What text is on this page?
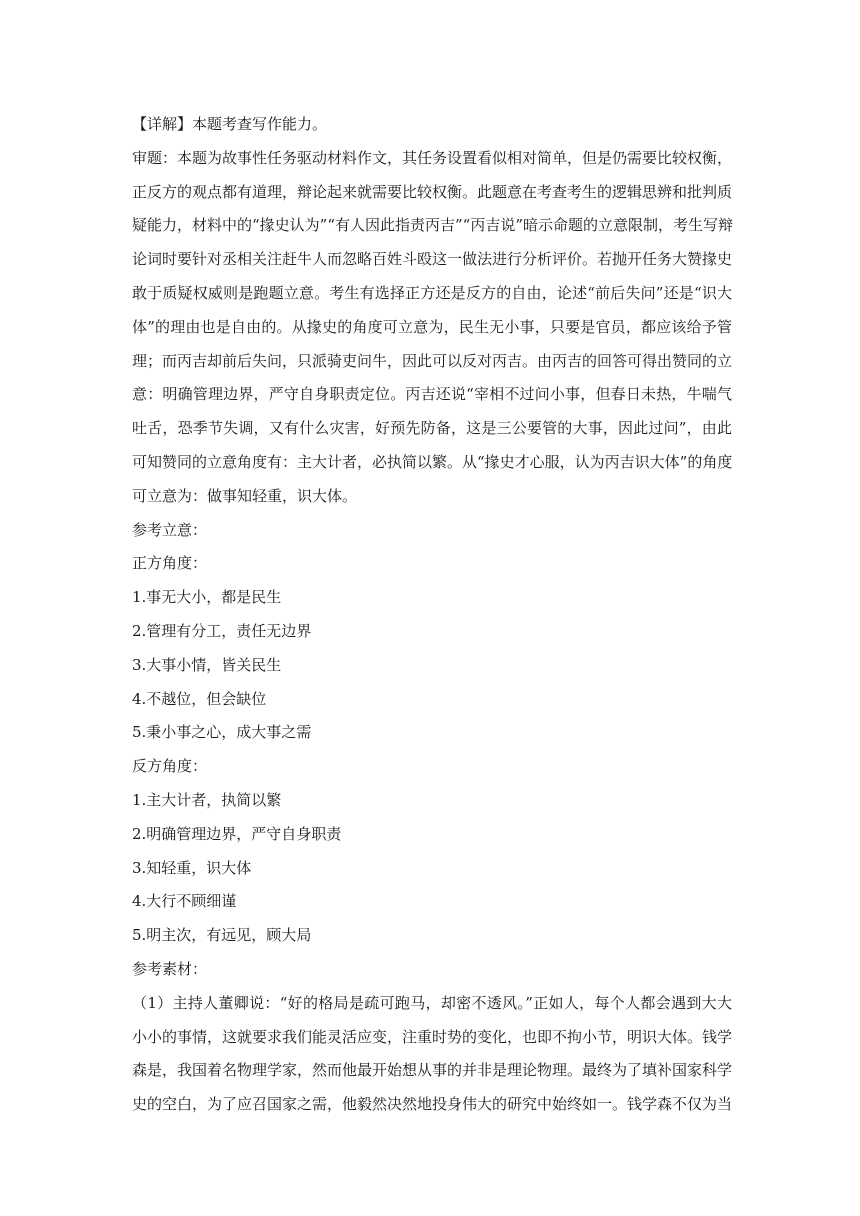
【详解】本题考查写作能力。

审题：本题为故事性任务驱动材料作文，其任务设置看似相对简单，但是仍需要比较权衡，

正反方的观点都有道理，辩论起来就需要比较权衡。此题意在考查考生的逻辑思辨和批判质

疑能力，材料中的“掾史认为”“有人因此指责丙吉”“丙吉说”暗示命题的立意限制，考生写辩

论词时要针对丞相关注赶牛人而忽略百姓斗殴这一做法进行分析评价。若抛开任务大赞掾史

敢于质疑权威则是跑题立意。考生有选择正方还是反方的自由，论述“前后失问”还是“识大

体”的理由也是自由的。从掾史的角度可立意为，民生无小事，只要是官员，都应该给予管

理；而丙吉却前后失问，只派骑吏问牛，因此可以反对丙吉。由丙吉的回答可得出赞同的立

意：明确管理边界，严守自身职责定位。丙吉还说“宰相不过问小事，但春日未热，牛喘气

吐舌，恐季节失调，又有什么灾害，好预先防备，这是三公要管的大事，因此过问”，由此

可知赞同的立意角度有：主大计者，必执简以繁。从“掾史才心服，认为丙吉识大体”的角度

可立意为：做事知轻重，识大体。

参考立意：

正方角度：

1.事无大小，都是民生

2.管理有分工，责任无边界

3.大事小情，皆关民生

4.不越位，但会缺位

5.秉小事之心，成大事之需

反方角度：

1.主大计者，执简以繁

2.明确管理边界，严守自身职责

3.知轻重，识大体

4.大行不顾细谨

5.明主次，有远见，顾大局

参考素材：

（1）主持人董卿说：“好的格局是疏可跑马，却密不透风。”正如人，每个人都会遇到大大

小小的事情，这就要求我们能灵活应变，注重时势的变化，也即不拘小节，明识大体。钱学

森是，我国着名物理学家，然而他最开始想从事的并非是理论物理。最终为了填补国家科学

史的空白，为了应召国家之需，他毅然决然地投身伟大的研究中始终如一。钱学森不仅为当
